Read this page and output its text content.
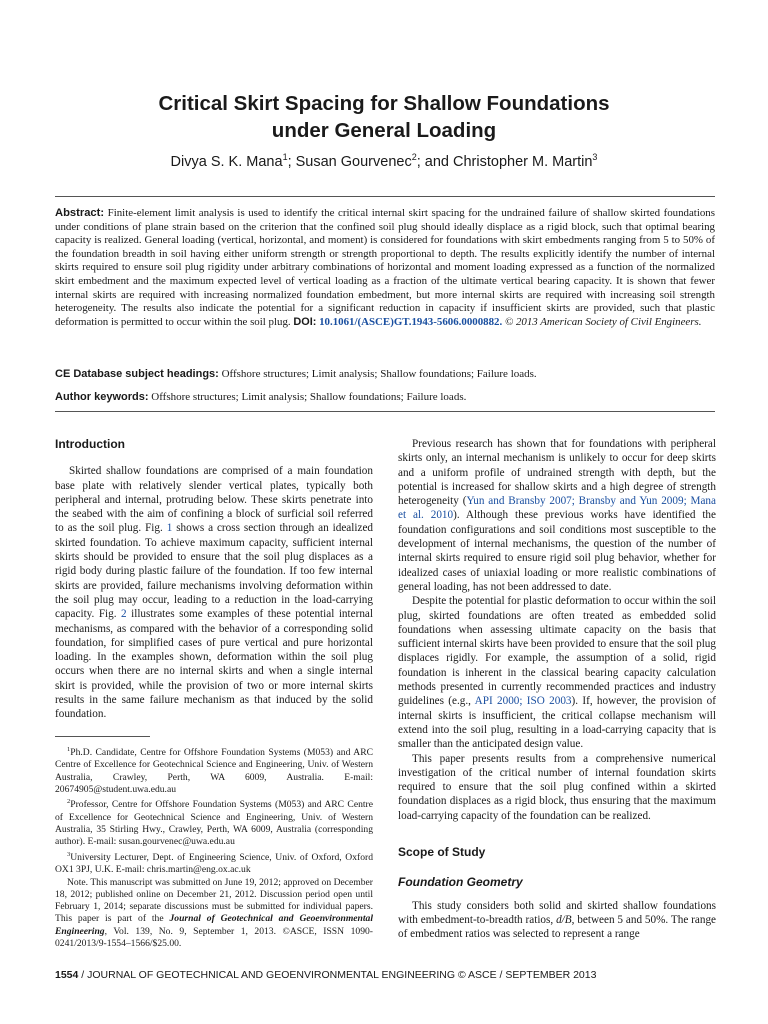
Critical Skirt Spacing for Shallow Foundations
under General Loading
Divya S. K. Mana$^1$; Susan Gourvenec$^2$; and Christopher M. Martin$^3$
Abstract: Finite-element limit analysis is used to identify the critical internal skirt spacing for the undrained failure of shallow skirted foundations under conditions of plane strain based on the criterion that the confined soil plug should ideally displace as a rigid block, such that optimal bearing capacity is realized. General loading (vertical, horizontal, and moment) is considered for foundations with skirt embedments ranging from 5 to 50% of the foundation breadth in soil having either uniform strength or strength proportional to depth. The results explicitly identify the number of internal skirts required to ensure soil plug rigidity under arbitrary combinations of horizontal and moment loading expressed as a function of the normalized skirt embedment and the maximum expected level of vertical loading as a fraction of the ultimate vertical bearing capacity. It is shown that fewer internal skirts are required with increasing normalized foundation embedment, but more internal skirts are required with increasing soil strength heterogeneity. The results also indicate the potential for a significant reduction in capacity if insufficient skirts are provided, such that plastic deformation is permitted to occur within the soil plug. DOI: 10.1061/(ASCE)GT.1943-5606.0000882. © 2013 American Society of Civil Engineers.
CE Database subject headings: Offshore structures; Limit analysis; Shallow foundations; Failure loads.
Author keywords: Offshore structures; Limit analysis; Shallow foundations; Failure loads.
Introduction

Skirted shallow foundations are comprised of a main foundation base plate with relatively slender vertical plates, typically both peripheral and internal, protruding below. These skirts penetrate into the seabed with the aim of confining a block of surficial soil referred to as the soil plug. Fig. 1 shows a cross section through an idealized skirted foundation. To achieve maximum capacity, sufficient internal skirts should be provided to ensure that the soil plug displaces as a rigid body during plastic failure of the foundation. If too few internal skirts are provided, failure mechanisms involving deformation within the soil plug may occur, leading to a reduction in the load-carrying capacity. Fig. 2 illustrates some examples of these potential internal mechanisms, as compared with the behavior of a corresponding solid foundation, for simplified cases of pure vertical and pure horizontal loading. In the examples shown, deformation within the soil plug occurs when there are no internal skirts and when a single internal skirt is provided, while the provision of two or more internal skirts results in the same failure mechanism as that induced by the solid foundation.

$^1$Ph.D. Candidate, Centre for Offshore Foundation Systems (M053) and ARC Centre of Excellence for Geotechnical Science and Engineering, Univ. of Western Australia, Crawley, Perth, WA 6009, Australia. E-mail: 20674905@student.uwa.edu.au

$^2$Professor, Centre for Offshore Foundation Systems (M053) and ARC Centre of Excellence for Geotechnical Science and Engineering, Univ. of Western Australia, 35 Stirling Hwy., Crawley, Perth, WA 6009, Australia (corresponding author). E-mail: susan.gourvenec@uwa.edu.au

$^3$University Lecturer, Dept. of Engineering Science, Univ. of Oxford, Oxford OX1 3PJ, U.K. E-mail: chris.martin@eng.ox.ac.uk

Note. This manuscript was submitted on June 19, 2012; approved on December 18, 2012; published online on December 21, 2012. Discussion period open until February 1, 2014; separate discussions must be submitted for individual papers. This paper is part of the Journal of Geotechnical and Geoenvironmental Engineering, Vol. 139, No. 9, September 1, 2013. ©ASCE, ISSN 1090-0241/2013/9-1554–1566/$25.00.

Previous research has shown that for foundations with peripheral skirts only, an internal mechanism is unlikely to occur for deep skirts and a uniform profile of undrained strength with depth, but the potential is increased for shallow skirts and a high degree of strength heterogeneity (Yun and Bransby 2007; Bransby and Yun 2009; Mana et al. 2010). Although these previous works have identified the foundation configurations and soil conditions most susceptible to the development of internal mechanisms, the question of the number of internal skirts required to ensure rigid soil plug behavior, whether for idealized cases of uniaxial loading or more realistic combinations of general loading, has not been addressed to date.

Despite the potential for plastic deformation to occur within the soil plug, skirted foundations are often treated as embedded solid foundations when assessing ultimate capacity on the basis that sufficient internal skirts have been provided to ensure that the soil plug displaces rigidly. For example, the assumption of a solid, rigid foundation is inherent in the classical bearing capacity calculation methods presented in currently recommended practices and industry guidelines (e.g., API 2000; ISO 2003). If, however, the provision of internal skirts is insufficient, the critical collapse mechanism will extend into the soil plug, resulting in a load-carrying capacity that is smaller than the anticipated design value.

This paper presents results from a comprehensive numerical investigation of the critical number of internal foundation skirts required to ensure that the soil plug confined within a skirted foundation displaces as a rigid block, thus ensuring that the maximum load-carrying capacity of the foundation can be realized.

Scope of Study
Foundation Geometry

This study considers both solid and skirted shallow foundations with embedment-to-breadth ratios, d/B, between 5 and 50%. The range of embedment ratios was selected to represent a range

1554 / JOURNAL OF GEOTECHNICAL AND GEOENVIRONMENTAL ENGINEERING © ASCE / SEPTEMBER 2013
